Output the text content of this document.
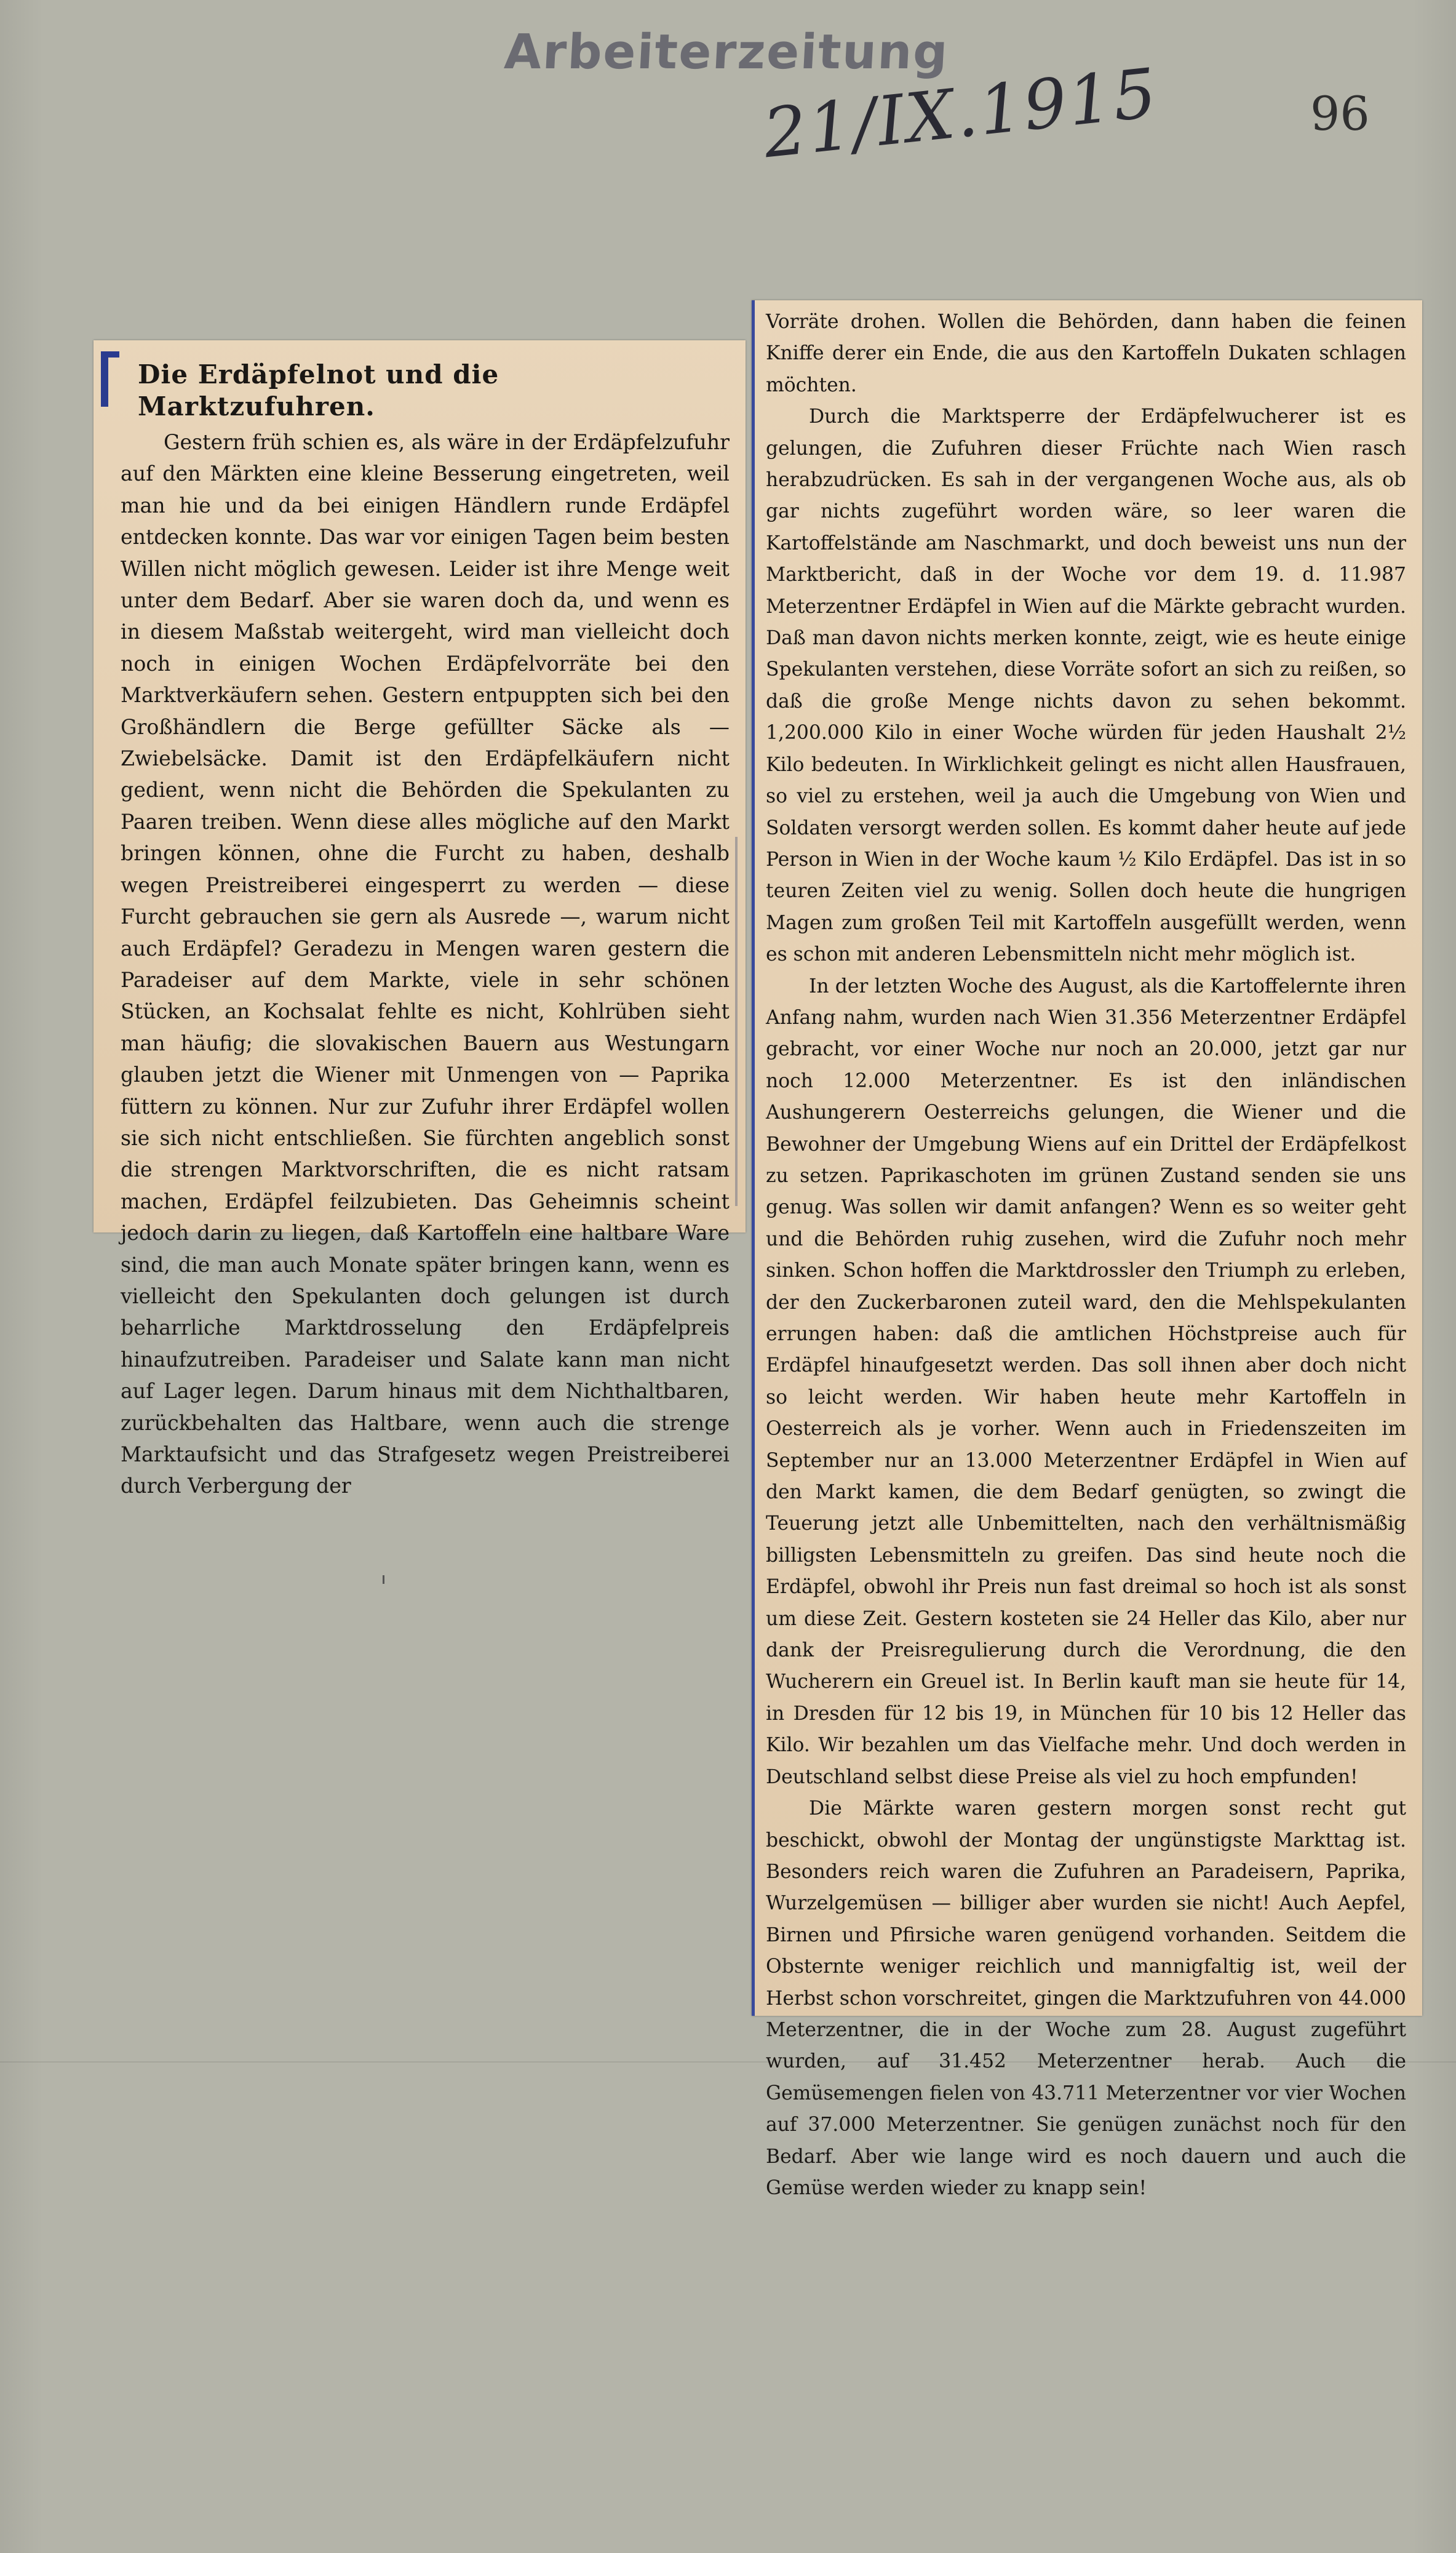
Arbeiterzeitung
21/IX.1915	96
Die Erdäpfelnot und die Marktzufuhren.

Gestern früh schien es, als wäre in der Erdäpfelzufuhr auf den Märkten eine kleine Besserung eingetreten, weil man hie und da bei einigen Händlern runde Erdäpfel entdecken konnte. Das war vor einigen Tagen beim besten Willen nicht möglich gewesen. Leider ist ihre Menge weit unter dem Bedarf. Aber sie waren doch da, und wenn es in diesem Maßstab weitergeht, wird man vielleicht doch noch in einigen Wochen Erdäpfelvorräte bei den Marktverkäufern sehen. Gestern entpuppten sich bei den Großhändlern die Berge gefüllter Säcke als — Zwiebelsäcke. Damit ist den Erdäpfelkäufern nicht gedient, wenn nicht die Behörden die Spekulanten zu Paaren treiben. Wenn diese alles mögliche auf den Markt bringen können, ohne die Furcht zu haben, deshalb wegen Preistreiberei eingesperrt zu werden — diese Furcht gebrauchen sie gern als Ausrede —, warum nicht auch Erdäpfel? Geradezu in Mengen waren gestern die Paradeiser auf dem Markte, viele in sehr schönen Stücken, an Kochsalat fehlte es nicht, Kohlrüben sieht man häufig; die slovakischen Bauern aus Westungarn glauben jetzt die Wiener mit Unmengen von — Paprika füttern zu können. Nur zur Zufuhr ihrer Erdäpfel wollen sie sich nicht entschließen. Sie fürchten angeblich sonst die strengen Marktvorschriften, die es nicht ratsam machen, Erdäpfel feilzubieten. Das Geheimnis scheint jedoch darin zu liegen, daß Kartoffeln eine haltbare Ware sind, die man auch Monate später bringen kann, wenn es vielleicht den Spekulanten doch gelungen ist durch beharrliche Marktdrosselung den Erdäpfelpreis hinaufzutreiben. Paradeiser und Salate kann man nicht auf Lager legen. Darum hinaus mit dem Nichthaltbaren, zurückbehalten das Haltbare, wenn auch die strenge Marktaufsicht und das Strafgesetz wegen Preistreiberei durch Verbergung der

Vorräte drohen. Wollen die Behörden, dann haben die feinen Kniffe derer ein Ende, die aus den Kartoffeln Dukaten schlagen möchten.

Durch die Marktsperre der Erdäpfelwucherer ist es gelungen, die Zufuhren dieser Früchte nach Wien rasch herabzudrücken. Es sah in der vergangenen Woche aus, als ob gar nichts zugeführt worden wäre, so leer waren die Kartoffelstände am Naschmarkt, und doch beweist uns nun der Marktbericht, daß in der Woche vor dem 19. d. 11.987 Meterzentner Erdäpfel in Wien auf die Märkte gebracht wurden. Daß man davon nichts merken konnte, zeigt, wie es heute einige Spekulanten verstehen, diese Vorräte sofort an sich zu reißen, so daß die große Menge nichts davon zu sehen bekommt. 1,200.000 Kilo in einer Woche würden für jeden Haushalt 2½ Kilo bedeuten. In Wirklichkeit gelingt es nicht allen Hausfrauen, so viel zu erstehen, weil ja auch die Umgebung von Wien und Soldaten versorgt werden sollen. Es kommt daher heute auf jede Person in Wien in der Woche kaum ½ Kilo Erdäpfel. Das ist in so teuren Zeiten viel zu wenig. Sollen doch heute die hungrigen Magen zum großen Teil mit Kartoffeln ausgefüllt werden, wenn es schon mit anderen Lebensmitteln nicht mehr möglich ist.

In der letzten Woche des August, als die Kartoffelernte ihren Anfang nahm, wurden nach Wien 31.356 Meterzentner Erdäpfel gebracht, vor einer Woche nur noch an 20.000, jetzt gar nur noch 12.000 Meterzentner. Es ist den inländischen Aushungerern Oesterreichs gelungen, die Wiener und die Bewohner der Umgebung Wiens auf ein Drittel der Erdäpfelkost zu setzen. Paprikaschoten im grünen Zustand senden sie uns genug. Was sollen wir damit anfangen? Wenn es so weiter geht und die Behörden ruhig zusehen, wird die Zufuhr noch mehr sinken. Schon hoffen die Marktdrossler den Triumph zu erleben, der den Zuckerbaronen zuteil ward, den die Mehlspekulanten errungen haben: daß die amtlichen Höchstpreise auch für Erdäpfel hinaufgesetzt werden. Das soll ihnen aber doch nicht so leicht werden. Wir haben heute mehr Kartoffeln in Oesterreich als je vorher. Wenn auch in Friedenszeiten im September nur an 13.000 Meterzentner Erdäpfel in Wien auf den Markt kamen, die dem Bedarf genügten, so zwingt die Teuerung jetzt alle Unbemittelten, nach den verhältnismäßig billigsten Lebensmitteln zu greifen. Das sind heute noch die Erdäpfel, obwohl ihr Preis nun fast dreimal so hoch ist als sonst um diese Zeit. Gestern kosteten sie 24 Heller das Kilo, aber nur dank der Preisregulierung durch die Verordnung, die den Wucherern ein Greuel ist. In Berlin kauft man sie heute für 14, in Dresden für 12 bis 19, in München für 10 bis 12 Heller das Kilo. Wir bezahlen um das Vielfache mehr. Und doch werden in Deutschland selbst diese Preise als viel zu hoch empfunden!

Die Märkte waren gestern morgen sonst recht gut beschickt, obwohl der Montag der ungünstigste Markttag ist. Besonders reich waren die Zufuhren an Paradeisern, Paprika, Wurzelgemüsen — billiger aber wurden sie nicht! Auch Aepfel, Birnen und Pfirsiche waren genügend vorhanden. Seitdem die Obsternte weniger reichlich und mannigfaltig ist, weil der Herbst schon vorschreitet, gingen die Marktzufuhren von 44.000 Meterzentner, die in der Woche zum 28. August zugeführt wurden, auf 31.452 Meterzentner herab. Auch die Gemüsemengen fielen von 43.711 Meterzentner vor vier Wochen auf 37.000 Meterzentner. Sie genügen zunächst noch für den Bedarf. Aber wie lange wird es noch dauern und auch die Gemüse werden wieder zu knapp sein!
